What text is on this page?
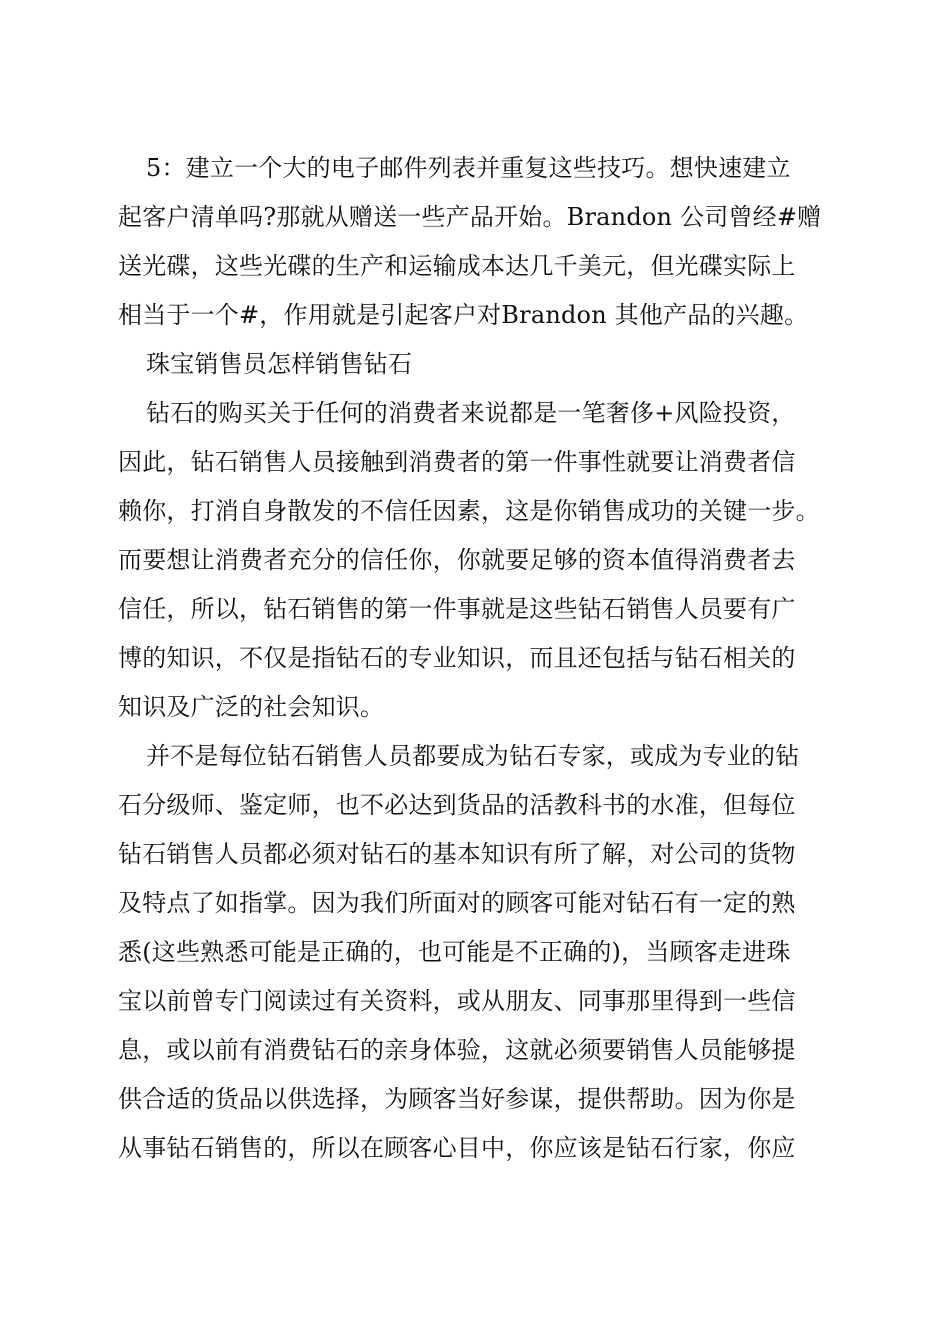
5：建立一个大的电子邮件列表并重复这些技巧。想快速建立
起客户清单吗?那就从赠送一些产品开始。Brandon 公司曾经#赠
送光碟，这些光碟的生产和运输成本达几千美元，但光碟实际上
相当于一个#，作用就是引起客户对Brandon 其他产品的兴趣。
珠宝销售员怎样销售钻石
钻石的购买关于任何的消费者来说都是一笔奢侈+风险投资，
因此，钻石销售人员接触到消费者的第一件事性就要让消费者信
赖你，打消自身散发的不信任因素，这是你销售成功的关键一步。
而要想让消费者充分的信任你，你就要足够的资本值得消费者去
信任，所以，钻石销售的第一件事就是这些钻石销售人员要有广
博的知识，不仅是指钻石的专业知识，而且还包括与钻石相关的
知识及广泛的社会知识。
并不是每位钻石销售人员都要成为钻石专家，或成为专业的钻
石分级师、鉴定师，也不必达到货品的活教科书的水准，但每位
钻石销售人员都必须对钻石的基本知识有所了解，对公司的货物
及特点了如指掌。因为我们所面对的顾客可能对钻石有一定的熟
悉(这些熟悉可能是正确的，也可能是不正确的)，当顾客走进珠
宝以前曾专门阅读过有关资料，或从朋友、同事那里得到一些信
息，或以前有消费钻石的亲身体验，这就必须要销售人员能够提
供合适的货品以供选择，为顾客当好参谋，提供帮助。因为你是
从事钻石销售的，所以在顾客心目中，你应该是钻石行家，你应
